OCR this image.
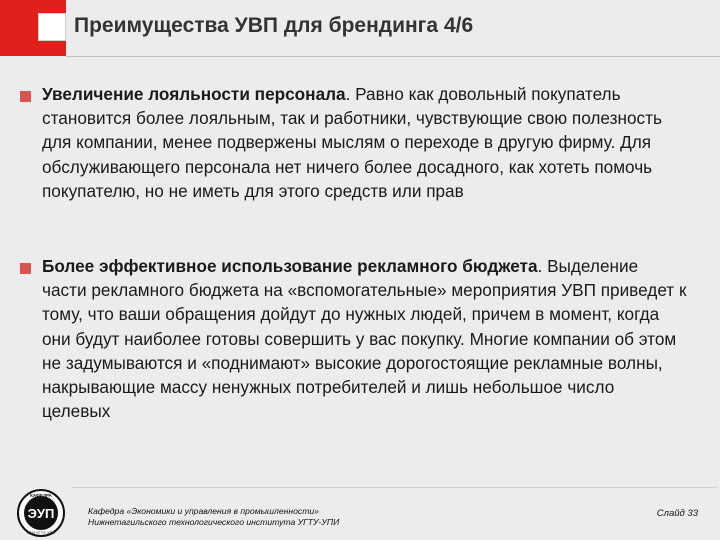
Преимущества УВП для брендинга 4/6
Увеличение лояльности персонала. Равно как довольный покупатель становится более лояльным, так и работники, чувствующие свою полезность для компании, менее подвержены мыслям о переходе в другую фирму. Для обслуживающего персонала нет ничего более досадного, как хотеть помочь покупателю, но не иметь для этого средств или прав
Более эффективное использование рекламного бюджета. Выделение части рекламного бюджета на «вспомогательные» мероприятия УВП приведет к тому, что ваши обращения дойдут до нужных людей, причем в момент, когда они будут наиболее готовы совершить у вас покупку. Многие компании об этом не задумываются и «поднимают» высокие дорогостоящие рекламные волны, накрывающие массу ненужных потребителей и лишь небольшое число целевых
ЭУП
КАФЕДРА
НТИ УГТУ-УПИ
Кафедра «Экономики и управления в промышленности»
Нижнетагильского технологического института УГТУ-УПИ
Слайд 33
